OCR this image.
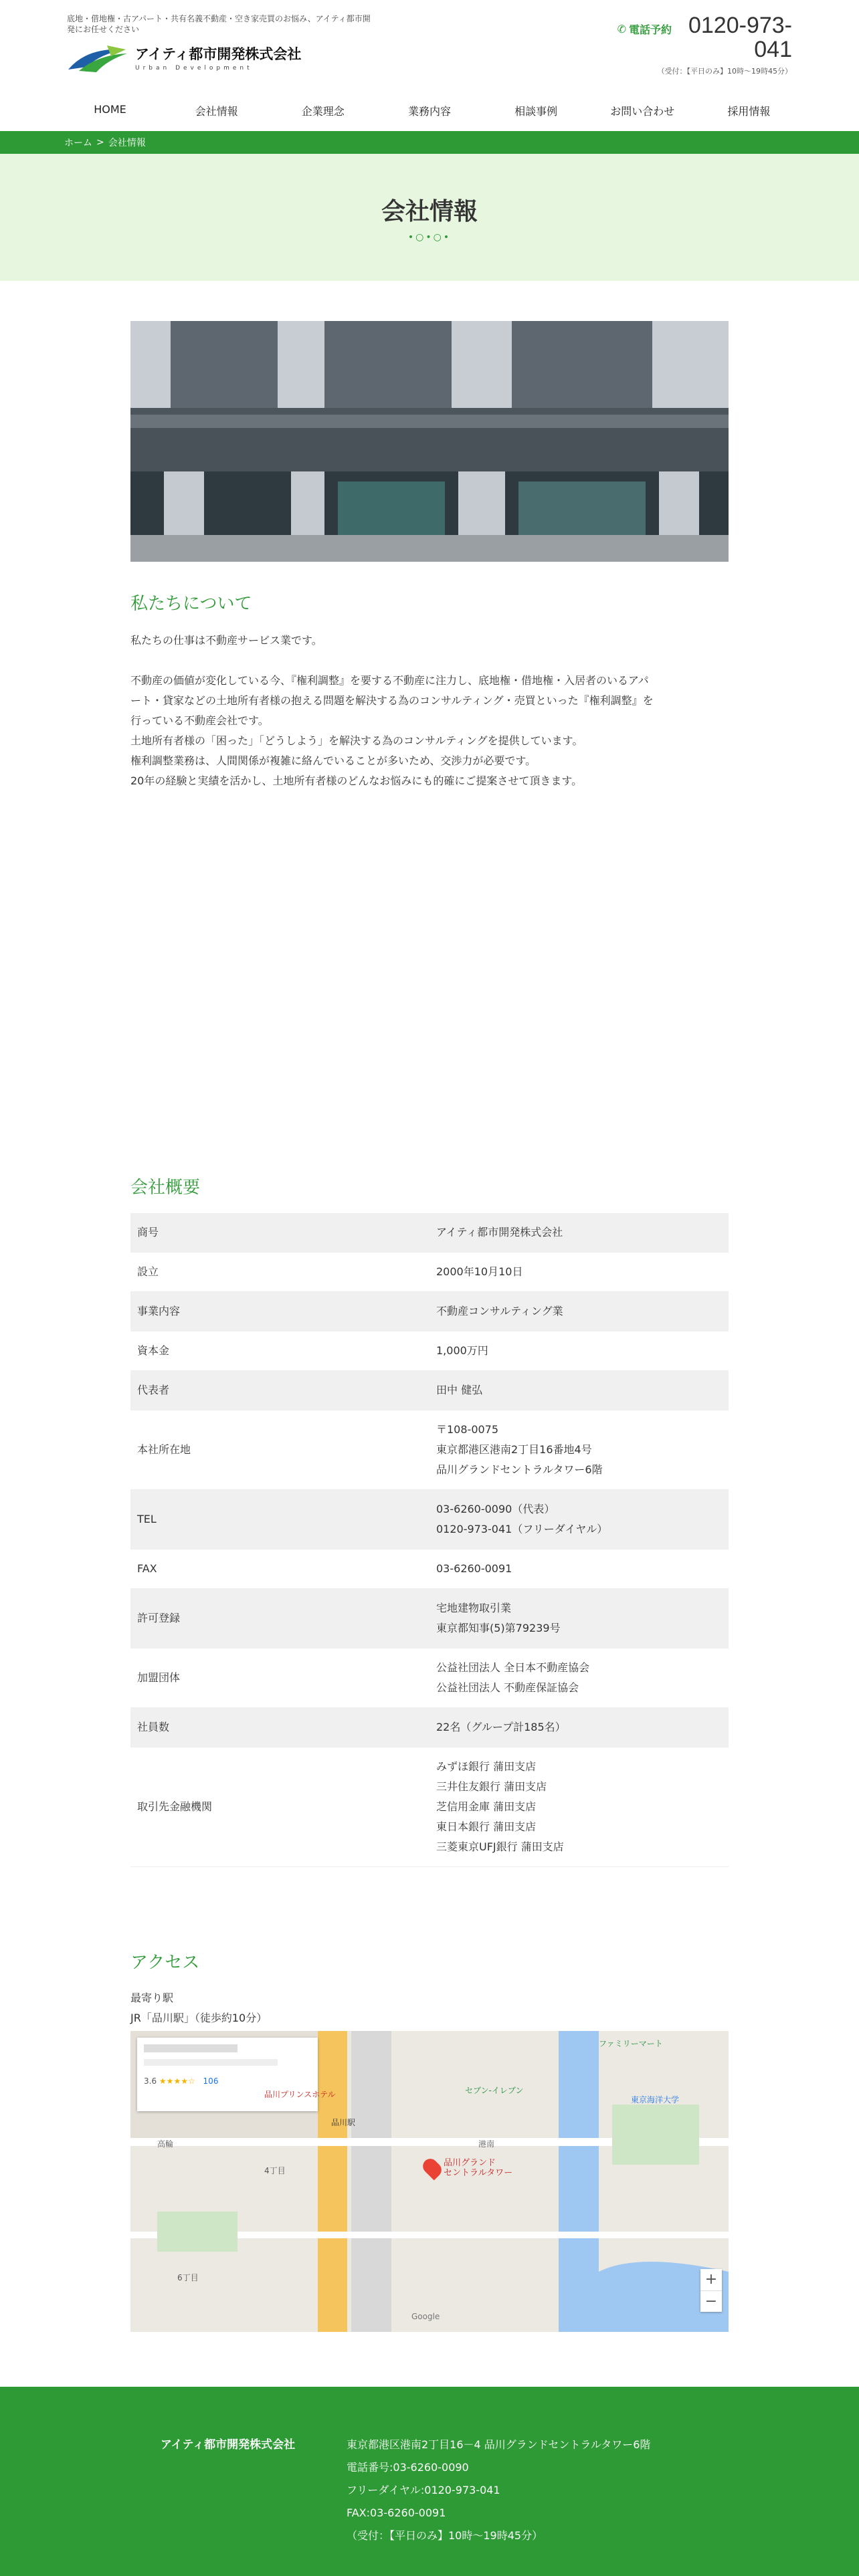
底地・借地権・古アパート・共有名義不動産・空き家売買のお悩み、アイティ都市開発にお任せください
アイティ都市開発株式会社
Urban Development
✆ 電話予約 0120-973-041
（受付：【平日のみ】10時〜19時45分）
HOME	会社情報	企業理念	業務内容	相談事例	お問い合わせ	採用情報
ホーム > 会社情報
会社情報
•○•○•
私たちについて

私たちの仕事は不動産サービス業です。

不動産の価値が変化している今、『権利調整』を要する不動産に注力し、底地権・借地権・入居者のいるアパ

ート・貸家などの土地所有者様の抱える問題を解決する為のコンサルティング・売買といった『権利調整』を

行っている不動産会社です。

土地所有者様の「困った」「どうしよう」を解決する為のコンサルティングを提供しています。

権利調整業務は、人間関係が複雑に絡んでいることが多いため、交渉力が必要です。

20年の経験と実績を活かし、土地所有者様のどんなお悩みにも的確にご提案させて頂きます。

会社概要
商号	アイティ都市開発株式会社
設立	2000年10月10日
事業内容	不動産コンサルティング業
資本金	1,000万円
代表者	田中 健弘
本社所在地	〒108-0075
東京都港区港南2丁目16番地4号
品川グランドセントラルタワー6階
TEL	03-6260-0090（代表）
0120-973-041（フリーダイヤル）
FAX	03-6260-0091
許可登録	宅地建物取引業
東京都知事(5)第79239号
加盟団体	公益社団法人 全日本不動産協会
公益社団法人 不動産保証協会
社員数	22名（グループ計185名）
取引先金融機関	みずほ銀行 蒲田支店
三井住友銀行 蒲田支店
芝信用金庫 蒲田支店
東日本銀行 蒲田支店
三菱東京UFJ銀行 蒲田支店
アクセス
最寄り駅
JR「品川駅」（徒歩約10分）
3.6 ★★★★☆ 106
品川グランド
セントラルタワー
品川プリンスホテル
東京海洋大学
セブン-イレブン
ファミリーマート
品川駅
港南
高輪
4丁目
6丁目
Google
+
−
アイティ都市開発株式会社	東京都港区港南2丁目16－4 品川グランドセントラルタワー6階
電話番号:03-6260-0090
フリーダイヤル:0120-973-041
FAX:03-6260-0091
（受付：【平日のみ】10時〜19時45分）
